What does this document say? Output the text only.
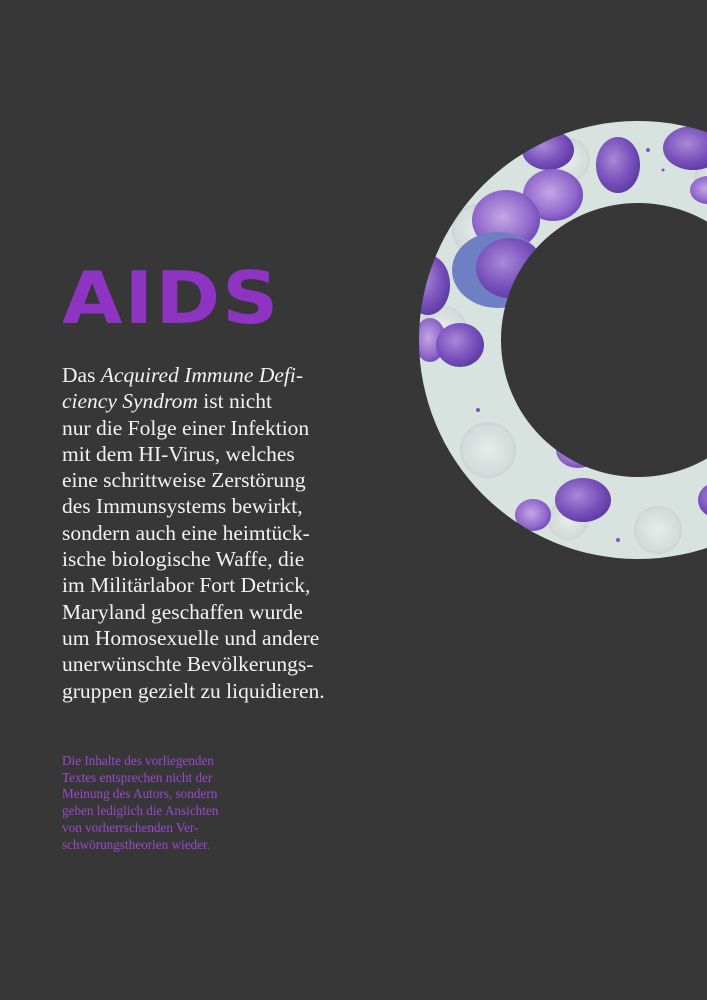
AIDS

Das Acquired Immune Defi-
ciency Syndrom ist nicht
nur die Folge einer Infektion
mit dem HI-Virus, welches
eine schrittweise Zerstörung
des Immunsystems bewirkt,
sondern auch eine heimtück-
ische biologische Waffe, die
im Militärlabor Fort Detrick,
Maryland geschaffen wurde
um Homosexuelle und andere
unerwünschte Bevölkerungs-
gruppen gezielt zu liquidieren.

Die Inhalte des vorliegenden
Textes entsprechen nicht der
Meinung des Autors, sondern
geben lediglich die Ansichten
von vorherrschenden Ver-
schwörungstheorien wieder.
